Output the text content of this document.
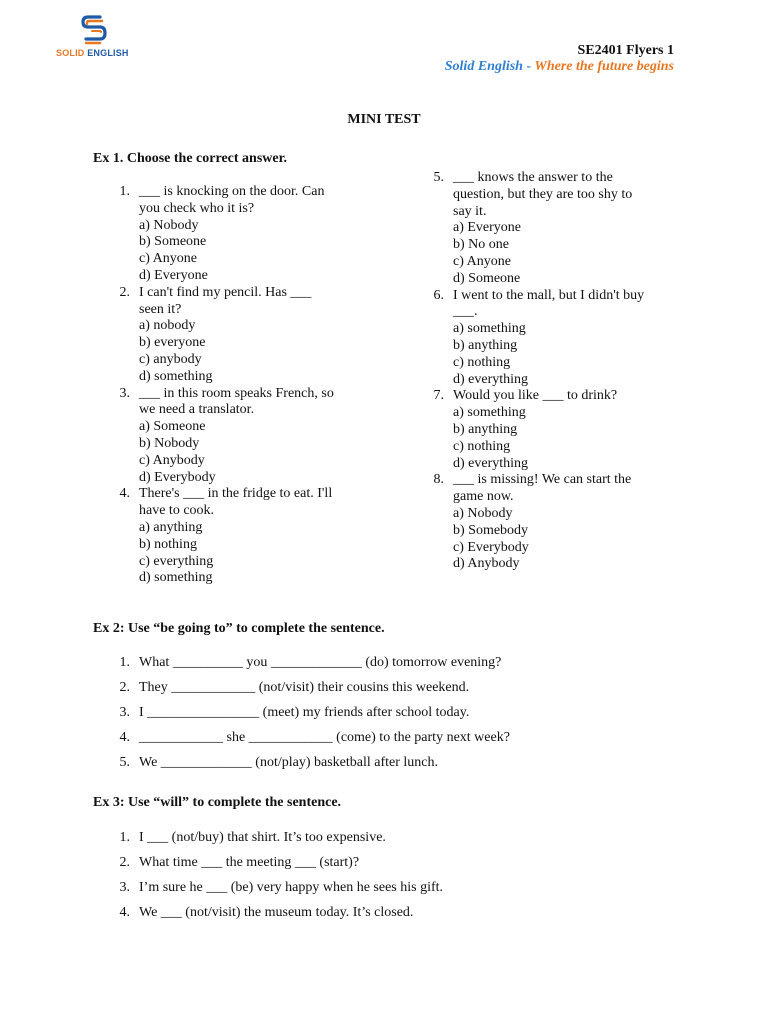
SOLID ENGLISH	SE2401 Flyers 1
Solid English - Where the future begins
MINI TEST
Ex 1. Choose the correct answer.
1. ___ is knocking on the door. Can
you check who it is?
a) Nobody
b) Someone
c) Anyone
d) Everyone
2. I can't find my pencil. Has ___
seen it?
a) nobody
b) everyone
c) anybody
d) something
3. ___ in this room speaks French, so
we need a translator.
a) Someone
b) Nobody
c) Anybody
d) Everybody
4. There's ___ in the fridge to eat. I'll
have to cook.
a) anything
b) nothing
c) everything
d) something
5. ___ knows the answer to the
question, but they are too shy to
say it.
a) Everyone
b) No one
c) Anyone
d) Someone
6. I went to the mall, but I didn't buy
___.
a) something
b) anything
c) nothing
d) everything
7. Would you like ___ to drink?
a) something
b) anything
c) nothing
d) everything
8. ___ is missing! We can start the
game now.
a) Nobody
b) Somebody
c) Everybody
d) Anybody
Ex 2: Use “be going to” to complete the sentence.
1. What __________ you _____________ (do) tomorrow evening?
2. They ____________ (not/visit) their cousins this weekend.
3. I ________________ (meet) my friends after school today.
4. ____________ she ____________ (come) to the party next week?
5. We _____________ (not/play) basketball after lunch.
Ex 3: Use “will” to complete the sentence.
1. I ___ (not/buy) that shirt. It’s too expensive.
2. What time ___ the meeting ___ (start)?
3. I’m sure he ___ (be) very happy when he sees his gift.
4. We ___ (not/visit) the museum today. It’s closed.
